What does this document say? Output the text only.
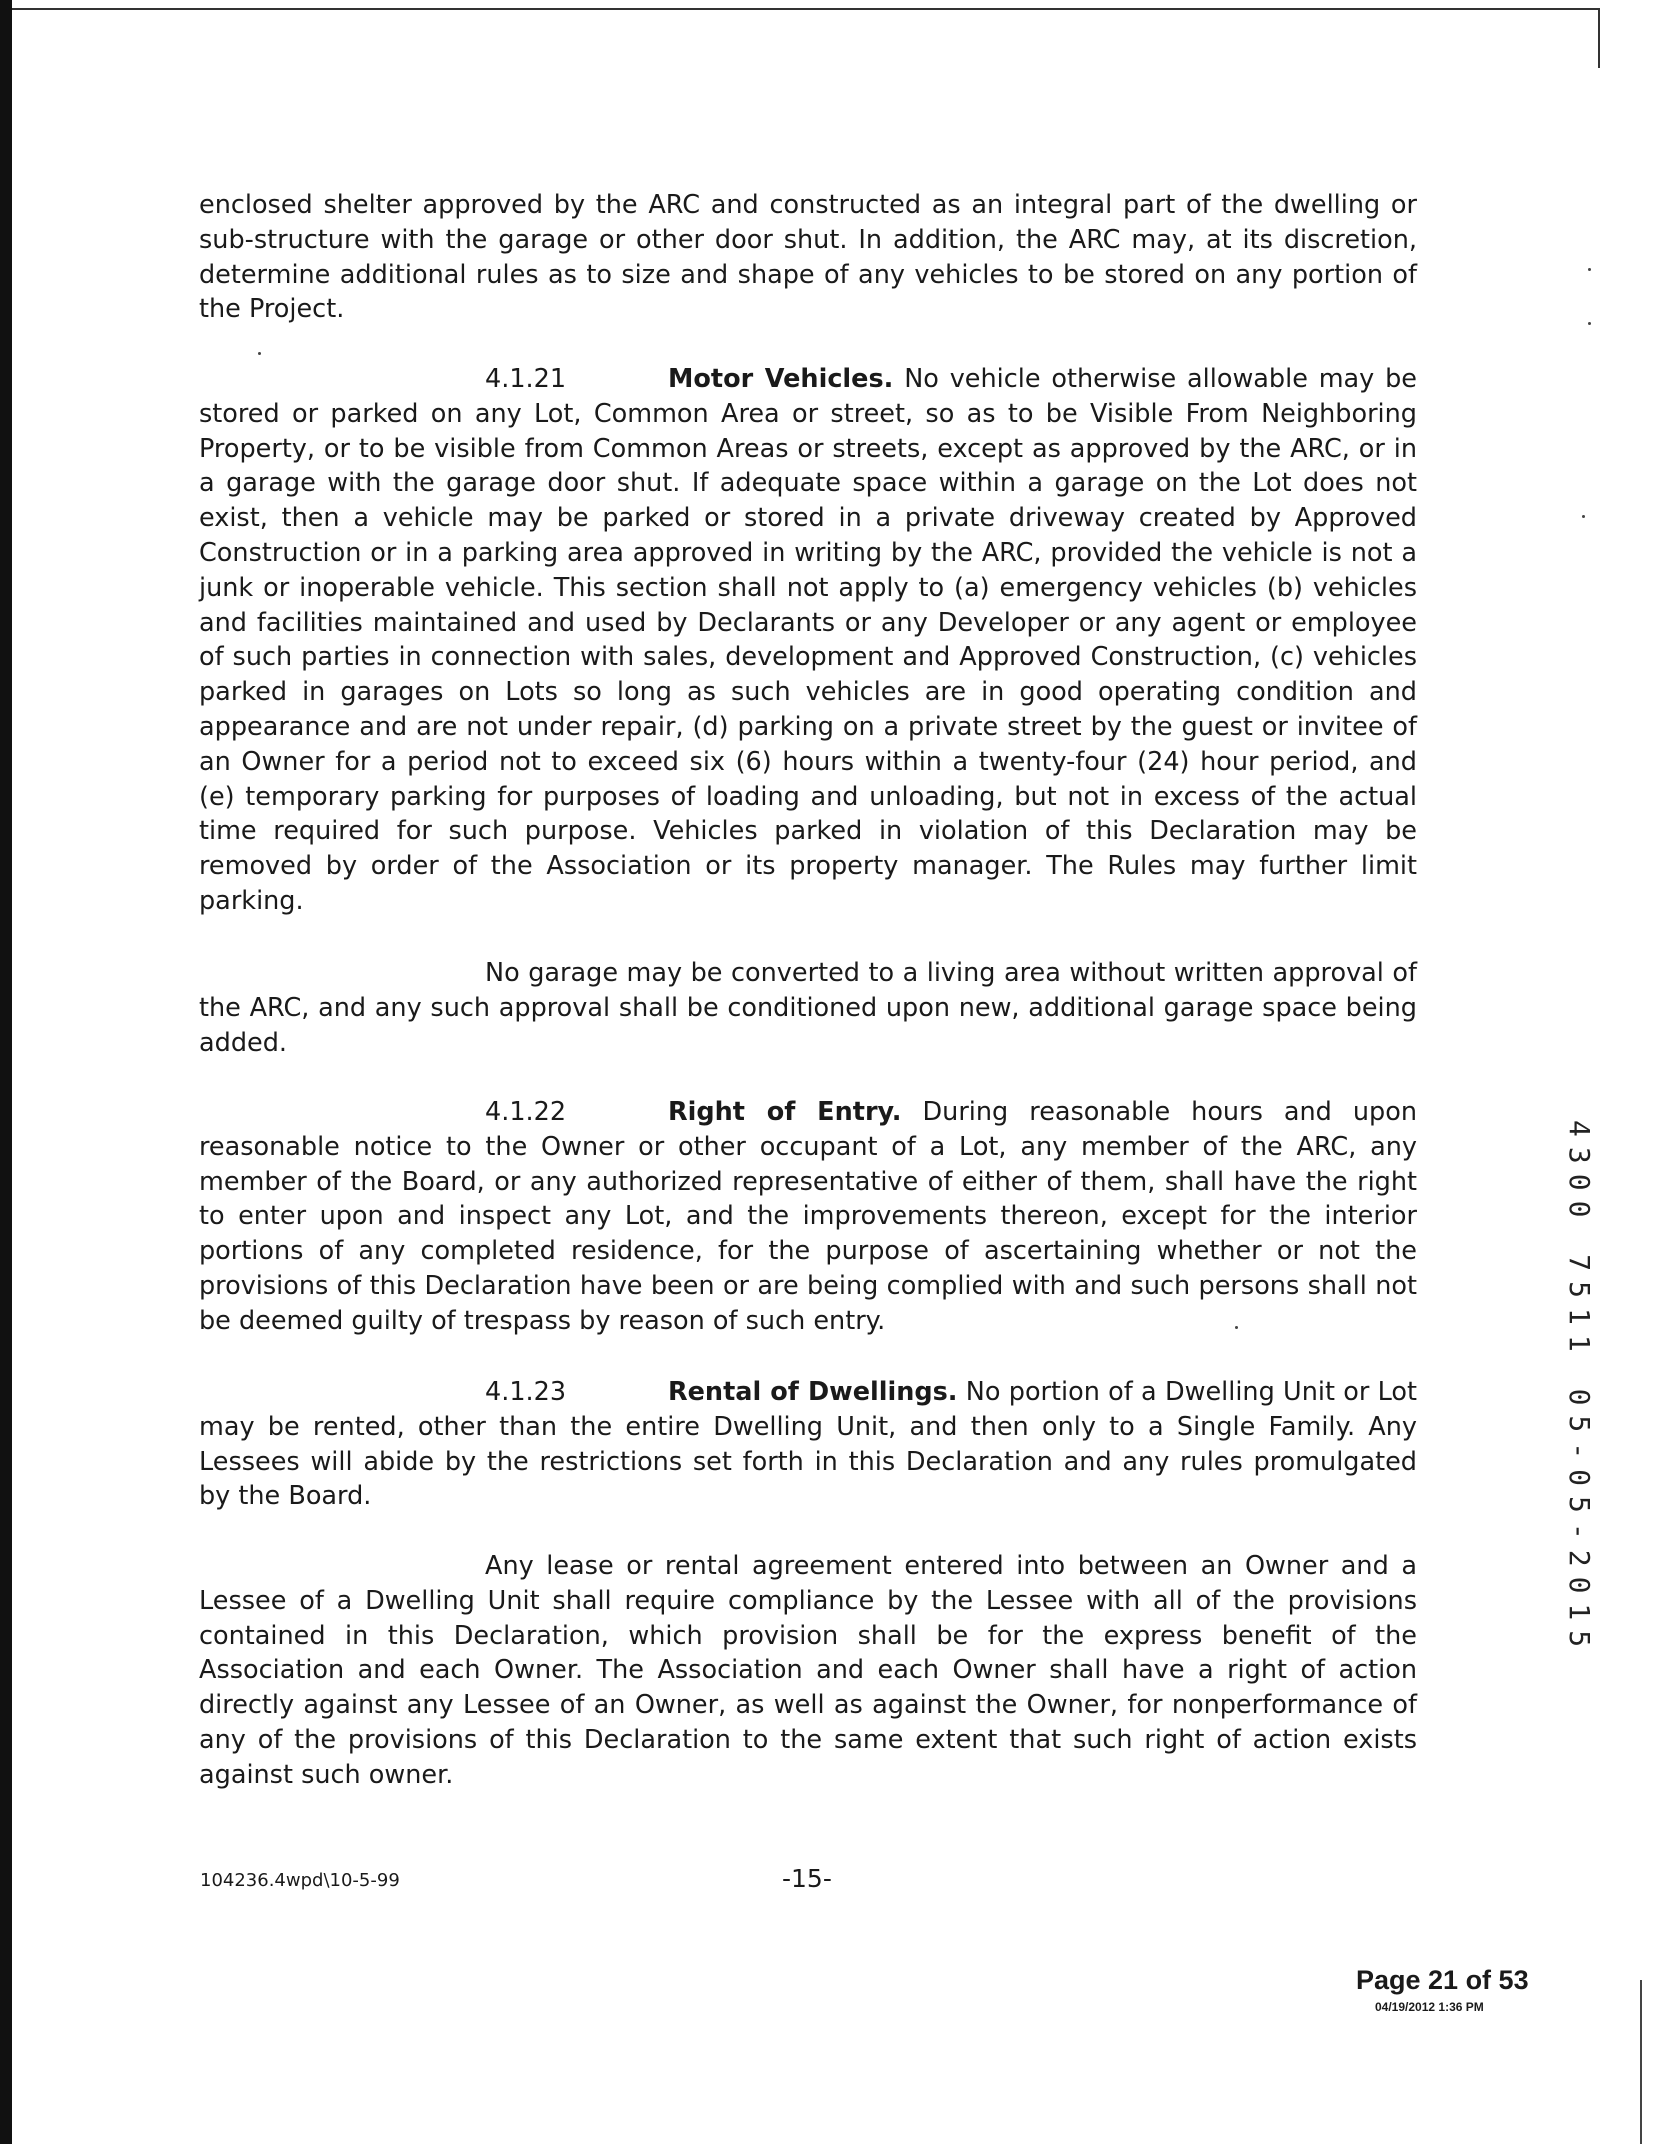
enclosed shelter approved by the ARC and constructed as an integral part of the dwelling or sub-structure with the garage or other door shut. In addition, the ARC may, at its discretion, determine additional rules as to size and shape of any vehicles to be stored on any portion of the Project.

4.1.21	Motor Vehicles. No vehicle otherwise allowable may be stored or parked on any Lot, Common Area or street, so as to be Visible From Neighboring Property, or to be visible from Common Areas or streets, except as approved by the ARC, or in a garage with the garage door shut. If adequate space within a garage on the Lot does not exist, then a vehicle may be parked or stored in a private driveway created by Approved Construction or in a parking area approved in writing by the ARC, provided the vehicle is not a junk or inoperable vehicle. This section shall not apply to (a) emergency vehicles (b) vehicles and facilities maintained and used by Declarants or any Developer or any agent or employee of such parties in connection with sales, development and Approved Construction, (c) vehicles parked in garages on Lots so long as such vehicles are in good operating condition and appearance and are not under repair, (d) parking on a private street by the guest or invitee of an Owner for a period not to exceed six (6) hours within a twenty-four (24) hour period, and (e) temporary parking for purposes of loading and unloading, but not in excess of the actual time required for such purpose. Vehicles parked in violation of this Declaration may be removed by order of the Association or its property manager. The Rules may further limit parking.

No garage may be converted to a living area without written approval of the ARC, and any such approval shall be conditioned upon new, additional garage space being added.

4.1.22	Right of Entry. During reasonable hours and upon reasonable notice to the Owner or other occupant of a Lot, any member of the ARC, any member of the Board, or any authorized representative of either of them, shall have the right to enter upon and inspect any Lot, and the improvements thereon, except for the interior portions of any completed residence, for the purpose of ascertaining whether or not the provisions of this Declaration have been or are being complied with and such persons shall not be deemed guilty of trespass by reason of such entry.

4.1.23	Rental of Dwellings. No portion of a Dwelling Unit or Lot may be rented, other than the entire Dwelling Unit, and then only to a Single Family. Any Lessees will abide by the restrictions set forth in this Declaration and any rules promulgated by the Board.

Any lease or rental agreement entered into between an Owner and a Lessee of a Dwelling Unit shall require compliance by the Lessee with all of the provisions contained in this Declaration, which provision shall be for the express benefit of the Association and each Owner. The Association and each Owner shall have a right of action directly against any Lessee of an Owner, as well as against the Owner, for nonperformance of any of the provisions of this Declaration to the same extent that such right of action exists against such owner.

104236.4wpd\10-5-99	-15-
Page 21 of 53
04/19/2012 1:36 PM
4300 7511 05-05-2015
